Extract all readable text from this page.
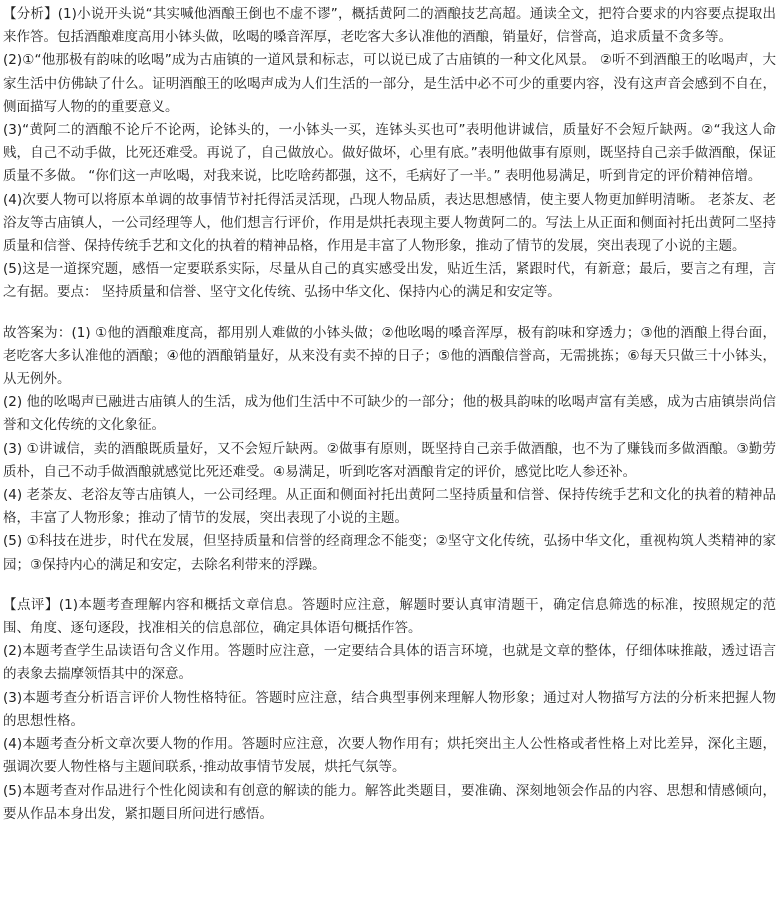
【分析】(1)小说开头说“其实喊他酒酿王倒也不虚不谬”，概括黄阿二的酒酿技艺高超。通读全文，把符合要求的内容要点提取出来作答。包括酒酿难度高用小钵头做，吆喝的嗓音浑厚，老吃客大多认准他的酒酿，销量好，信誉高，追求质量不贪多等。

(2)①“他那极有韵味的吆喝”成为古庙镇的一道风景和标志，可以说已成了古庙镇的一种文化风景。 ②听不到酒酿王的吆喝声，大家生活中仿佛缺了什么。证明酒酿王的吆喝声成为人们生活的一部分，是生活中必不可少的重要内容，没有这声音会感到不自在，侧面描写人物的的重要意义。

(3)“黄阿二的酒酿不论斤不论两，论钵头的，一小钵头一买，连钵头买也可”表明他讲诚信，质量好不会短斤缺两。②“我这人命贱，自己不动手做，比死还难受。再说了，自己做放心。做好做坏，心里有底。”表明他做事有原则，既坚持自己亲手做酒酿，保证质量不多做。 “你们这一声吆喝，对我来说，比吃啥药都强，这不，毛病好了一半。” 表明他易满足，听到肯定的评价精神倍增。

(4)次要人物可以将原本单调的故事情节衬托得活灵活现，凸现人物品质，表达思想感情，使主要人物更加鲜明清晰。 老茶友、老浴友等古庙镇人，一公司经理等人，他们想言行评价，作用是烘托表现主要人物黄阿二的。写法上从正面和侧面衬托出黄阿二坚持质量和信誉、保持传统手艺和文化的执着的精神品格，作用是丰富了人物形象，推动了情节的发展，突出表现了小说的主题。

(5)这是一道探究题，感悟一定要联系实际，尽量从自己的真实感受出发，贴近生活，紧跟时代，有新意；最后，要言之有理，言之有据。要点： 坚持质量和信誉、坚守文化传统、弘扬中华文化、保持内心的满足和安定等。

故答案为：(1) ①他的酒酿难度高，都用别人难做的小钵头做；②他吆喝的嗓音浑厚，极有韵味和穿透力；③他的酒酿上得台面，老吃客大多认准他的酒酿；④他的酒酿销量好，从来没有卖不掉的日子；⑤他的酒酿信誉高，无需挑拣；⑥每天只做三十小钵头，从无例外。

(2) 他的吆喝声已融进古庙镇人的生活，成为他们生活中不可缺少的一部分；他的极具韵味的吆喝声富有美感，成为古庙镇崇尚信誉和文化传统的文化象征。

(3) ①讲诚信，卖的酒酿既质量好，又不会短斤缺两。②做事有原则，既坚持自己亲手做酒酿，也不为了赚钱而多做酒酿。③勤劳质朴，自己不动手做酒酿就感觉比死还难受。④易满足，听到吃客对酒酿肯定的评价，感觉比吃人参还补。

(4) 老茶友、老浴友等古庙镇人，一公司经理。从正面和侧面衬托出黄阿二坚持质量和信誉、保持传统手艺和文化的执着的精神品格，丰富了人物形象；推动了情节的发展，突出表现了小说的主题。

(5) ①科技在进步，时代在发展，但坚持质量和信誉的经商理念不能变；②坚守文化传统，弘扬中华文化，重视构筑人类精神的家园；③保持内心的满足和安定，去除名利带来的浮躁。

【点评】(1)本题考查理解内容和概括文章信息。答题时应注意，解题时要认真审清题干，确定信息筛选的标准，按照规定的范围、角度、逐句逐段，找准相关的信息部位，确定具体语句概括作答。

(2)本题考查学生品读语句含义作用。答题时应注意，一定要结合具体的语言环境，也就是文章的整体，仔细体味推敲，透过语言的表象去揣摩领悟其中的深意。

(3)本题考查分析语言评价人物性格特征。答题时应注意，结合典型事例来理解人物形象；通过对人物描写方法的分析来把握人物的思想性格。

(4)本题考查分析文章次要人物的作用。答题时应注意，次要人物作用有；烘托突出主人公性格或者性格上对比差异，深化主题，强调次要人物性格与主题间联系，·推动故事情节发展，烘托气氛等。

(5)本题考查对作品进行个性化阅读和有创意的解读的能力。解答此类题目，要准确、深刻地领会作品的内容、思想和情感倾向，要从作品本身出发，紧扣题目所问进行感悟。
